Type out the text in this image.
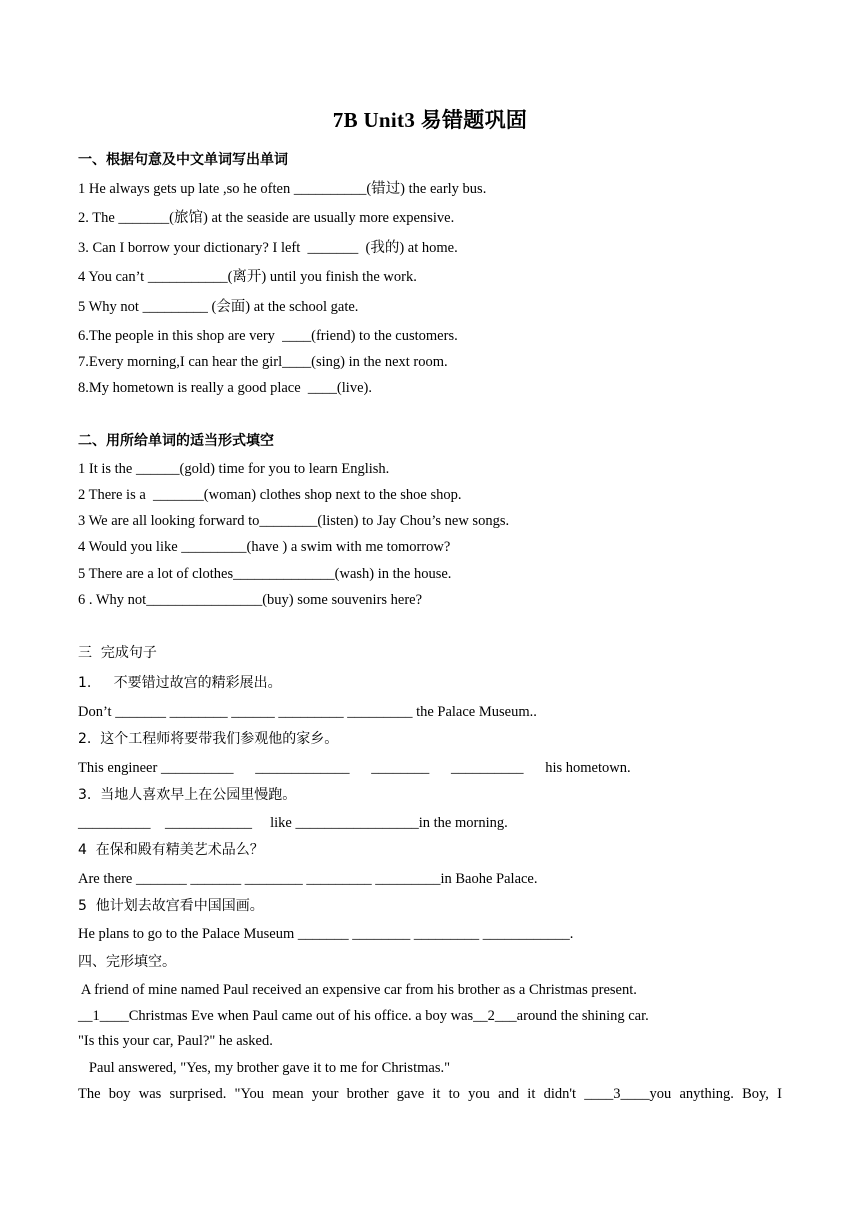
7B Unit3 易错题巩固
一、根据句意及中文单词写出单词
1 He always gets up late ,so he often __________(错过) the early bus.
2. The _______(旅馆) at the seaside are usually more expensive.
3. Can I borrow your dictionary? I left  _______  (我的) at home.
4 You can’t ___________(离开) until you finish the work.
5 Why not _________ (会面) at the school gate.
6.The people in this shop are very  ____(friend) to the customers.
7.Every morning,I can hear the girl____(sing) in the next room.
8.My hometown is really a good place  ____(live).
二、用所给单词的适当形式填空
1 It is the ______(gold) time for you to learn English.
2 There is a  _______(woman) clothes shop next to the shoe shop.
3 We are all looking forward to________(listen) to Jay Chou’s new songs.
4 Would you like _________(have ) a swim with me tomorrow?
5 There are a lot of clothes______________(wash) in the house.
6 . Why not________________(buy) some souvenirs here?
三  完成句子
1.     不要错过故宫的精彩展出。
Don’t _______ ________ ______ _________ _________ the Palace Museum..
2.  这个工程师将要带我们参观他的家乡。
This engineer __________      _____________      ________      __________      his hometown.
3.  当地人喜欢早上在公园里慢跑。
__________    ____________     like _________________in the morning.
4  在保和殿有精美艺术品么？
Are there _______ _______ ________ _________ _________in Baohe Palace.
5  他计划去故宫看中国国画。
He plans to go to the Palace Museum _______ ________ _________ ____________.
四、完形填空。
A friend of mine named Paul received an expensive car from his brother as a Christmas present.
__1____Christmas Eve when Paul came out of his office. a boy was__2___around the shining car.
"Is this your car, Paul?" he asked.
Paul answered, "Yes, my brother gave it to me for Christmas."
The boy was surprised. "You mean your brother gave it to you and it didn't ____3____you anything. Boy, I
